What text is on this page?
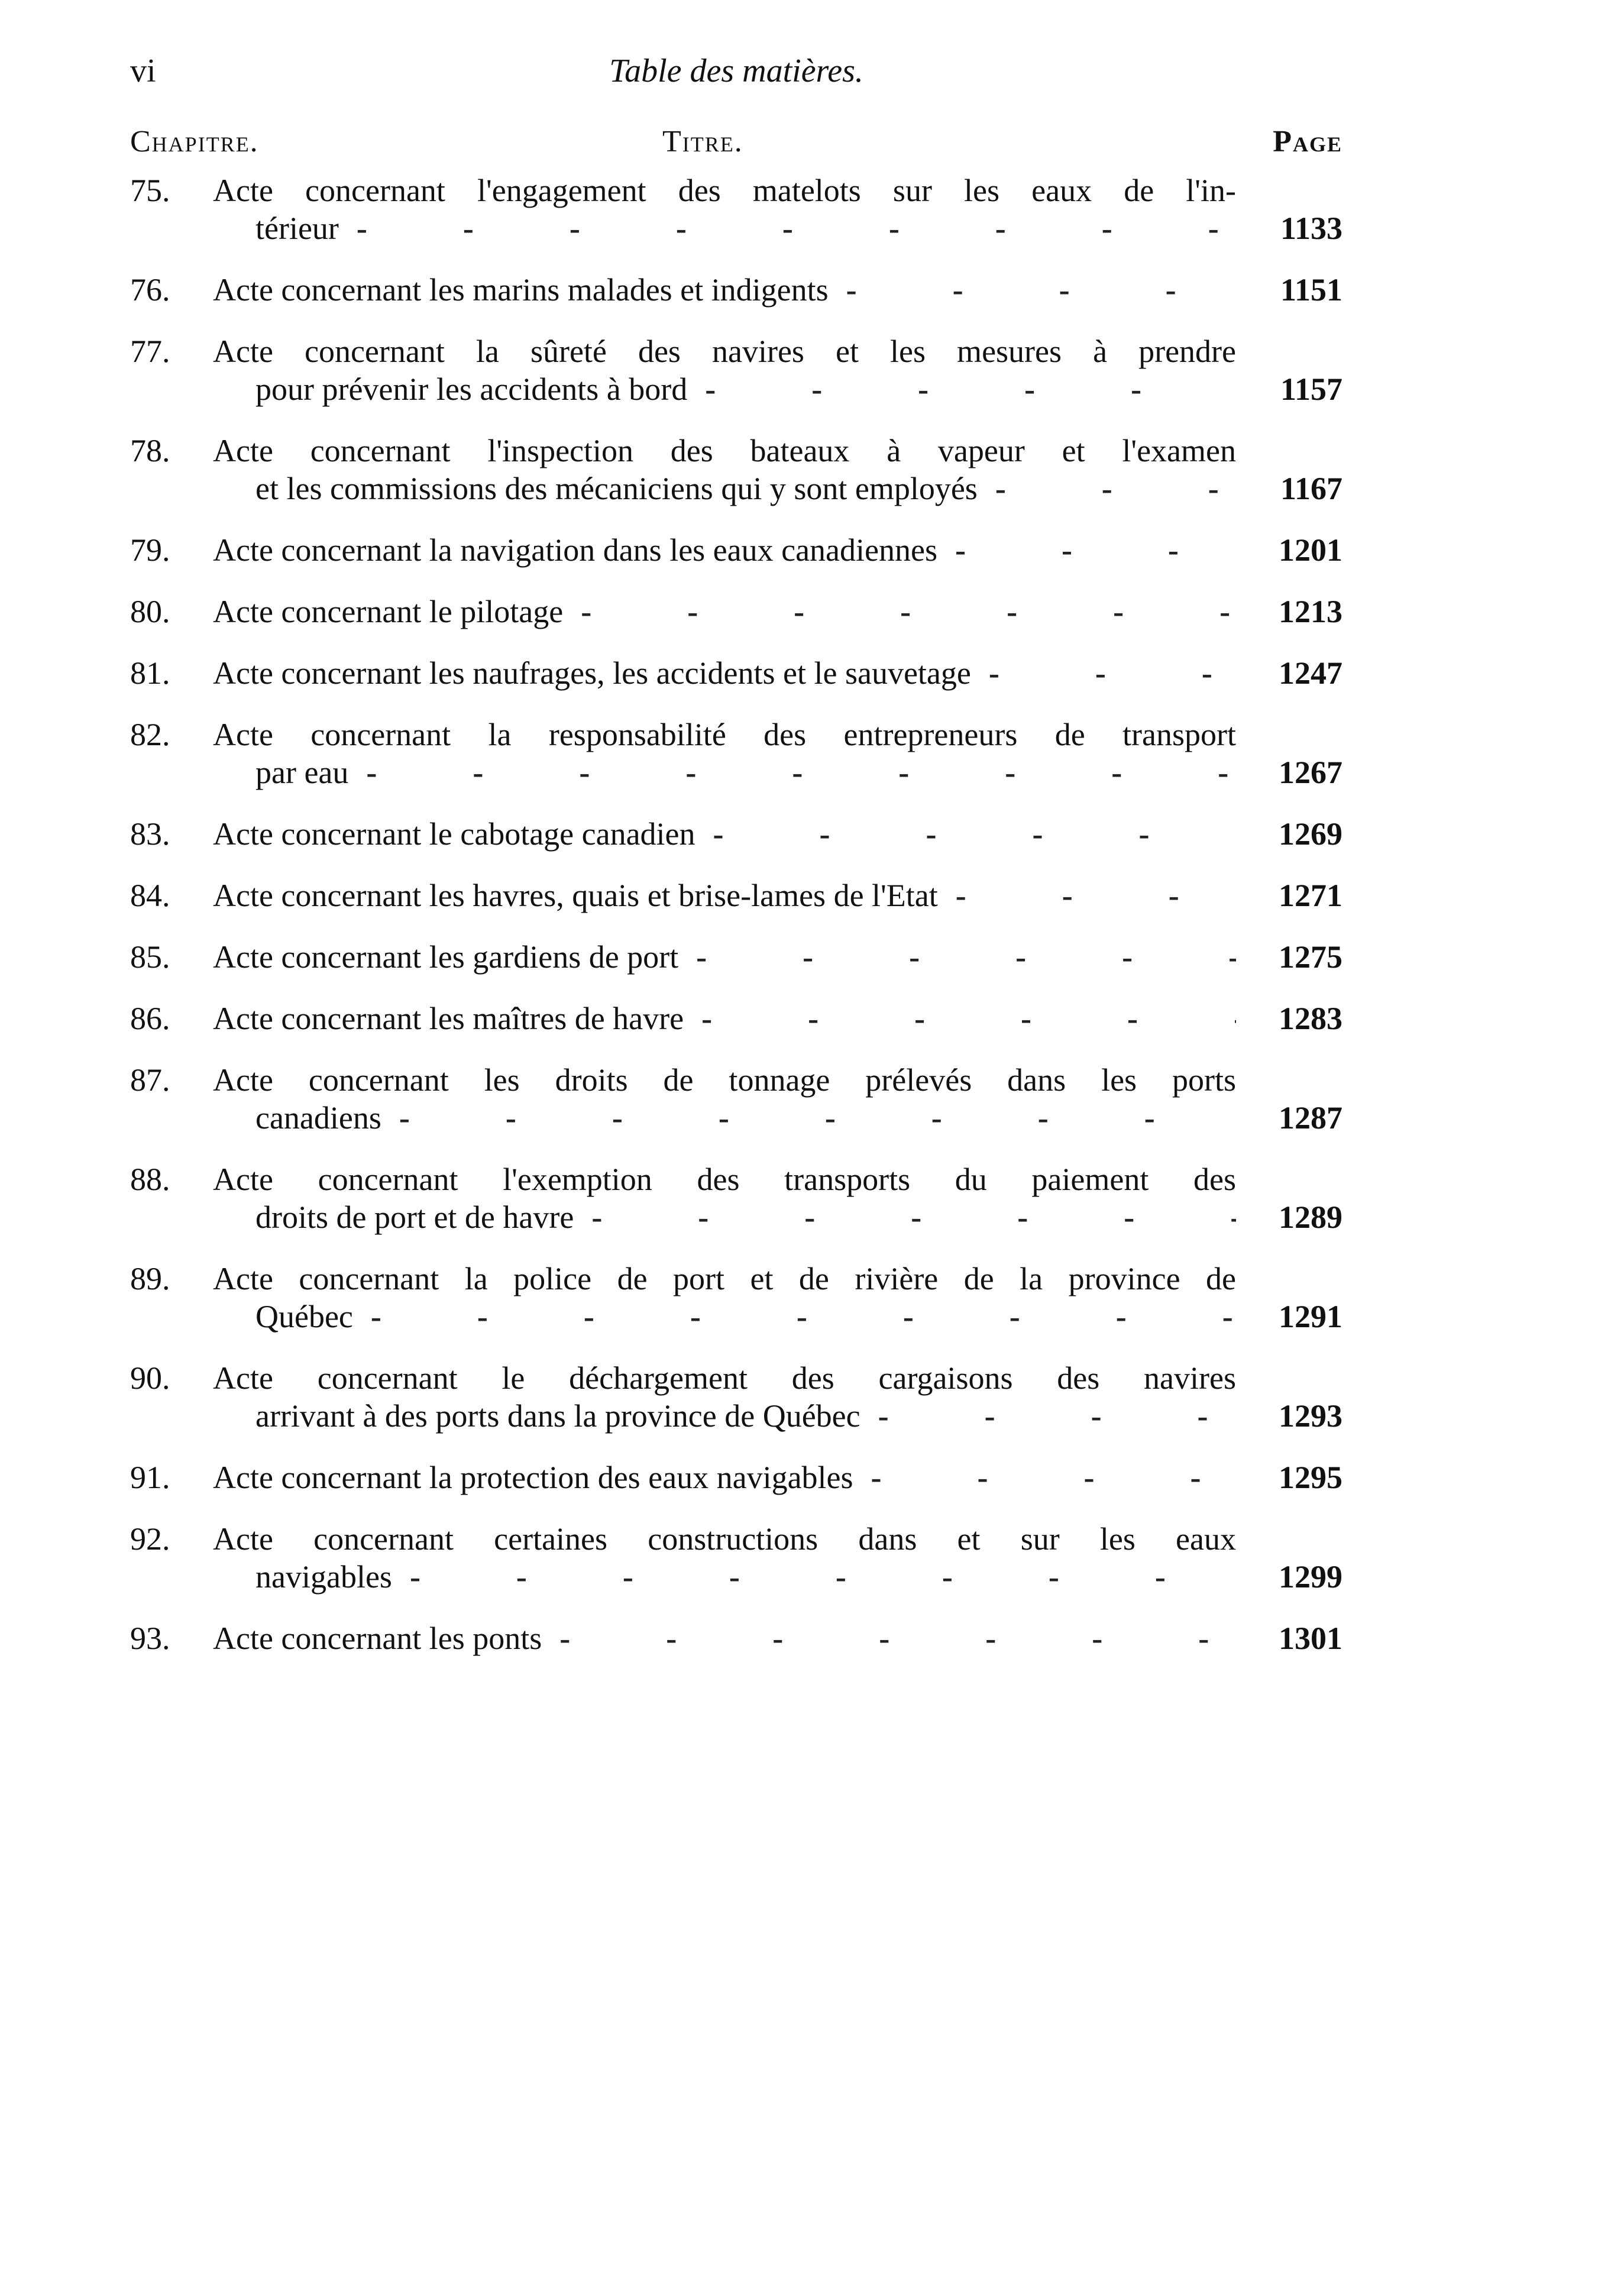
vi	Table des matières.
Chapitre.	Titre.	Page
75.	Acte concernant l'engagement des matelots sur les eaux de l'in-
térieur -	1133
76.	Acte concernant les marins malades et indigents -	1151
77.	Acte concernant la sûreté des navires et les mesures à prendre
pour prévenir les accidents à bord -	1157
78.	Acte concernant l'inspection des bateaux à vapeur et l'examen
et les commissions des mécaniciens qui y sont employés -	1167
79.	Acte concernant la navigation dans les eaux canadiennes -	1201
80.	Acte concernant le pilotage -	1213
81.	Acte concernant les naufrages, les accidents et le sauvetage -	1247
82.	Acte concernant la responsabilité des entrepreneurs de transport
par eau -	1267
83.	Acte concernant le cabotage canadien -	1269
84.	Acte concernant les havres, quais et brise-lames de l'Etat -	1271
85.	Acte concernant les gardiens de port -	1275
86.	Acte concernant les maîtres de havre -	1283
87.	Acte concernant les droits de tonnage prélevés dans les ports
canadiens -	1287
88.	Acte concernant l'exemption des transports du paiement des
droits de port et de havre -	1289
89.	Acte concernant la police de port et de rivière de la province de
Québec -	1291
90.	Acte concernant le déchargement des cargaisons des navires
arrivant à des ports dans la province de Québec -	1293
91.	Acte concernant la protection des eaux navigables -	1295
92.	Acte concernant certaines constructions dans et sur les eaux
navigables -	1299
93.	Acte concernant les ponts -	1301
